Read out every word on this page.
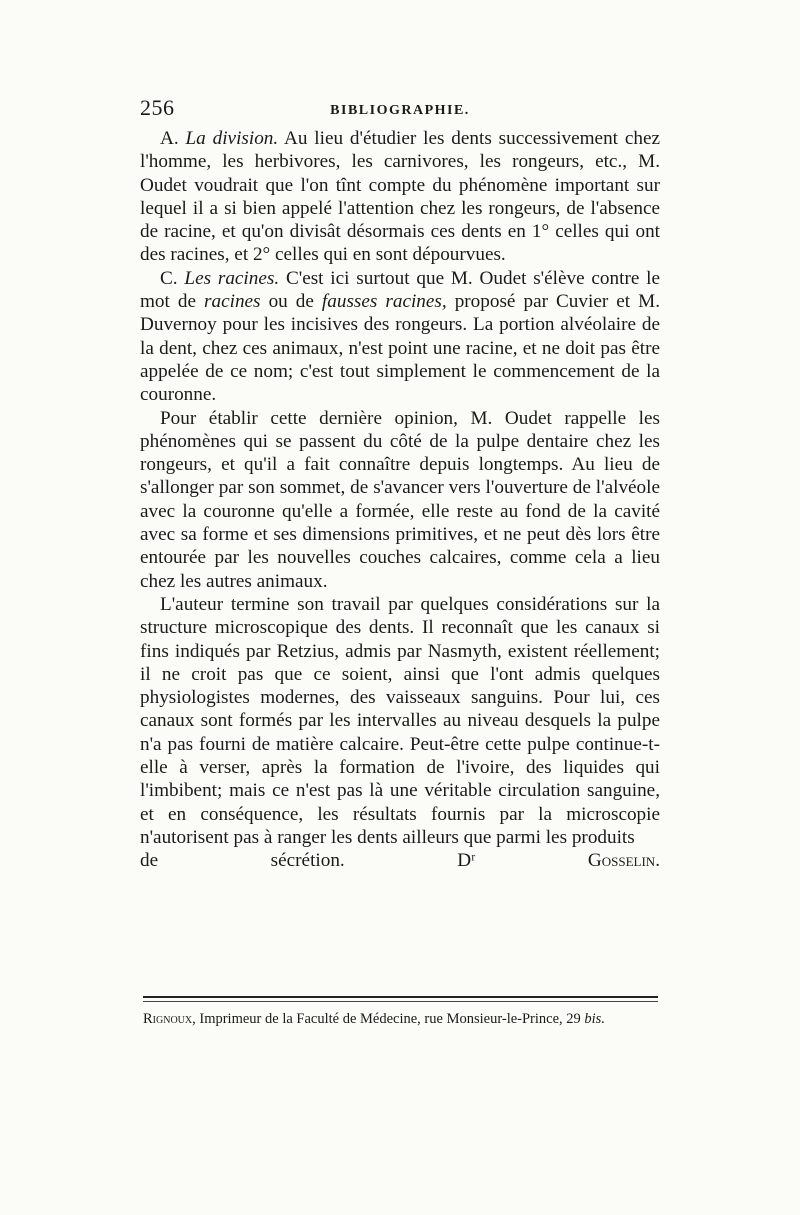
256	BIBLIOGRAPHIE.

A. La division. Au lieu d'étudier les dents successivement chez l'homme, les herbivores, les carnivores, les rongeurs, etc., M. Oudet voudrait que l'on tînt compte du phénomène important sur lequel il a si bien appelé l'attention chez les rongeurs, de l'absence de racine, et qu'on divisât désormais ces dents en 1° celles qui ont des racines, et 2° celles qui en sont dépourvues.

C. Les racines. C'est ici surtout que M. Oudet s'élève contre le mot de racines ou de fausses racines, proposé par Cuvier et M. Duvernoy pour les incisives des rongeurs. La portion alvéolaire de la dent, chez ces animaux, n'est point une racine, et ne doit pas être appelée de ce nom; c'est tout simplement le commencement de la couronne.

Pour établir cette dernière opinion, M. Oudet rappelle les phénomènes qui se passent du côté de la pulpe dentaire chez les rongeurs, et qu'il a fait connaître depuis longtemps. Au lieu de s'allonger par son sommet, de s'avancer vers l'ouverture de l'alvéole avec la couronne qu'elle a formée, elle reste au fond de la cavité avec sa forme et ses dimensions primitives, et ne peut dès lors être entourée par les nouvelles couches calcaires, comme cela a lieu chez les autres animaux.

L'auteur termine son travail par quelques considérations sur la structure microscopique des dents. Il reconnaît que les canaux si fins indiqués par Retzius, admis par Nasmyth, existent réellement; il ne croit pas que ce soient, ainsi que l'ont admis quelques physiologistes modernes, des vaisseaux sanguins. Pour lui, ces canaux sont formés par les intervalles au niveau desquels la pulpe n'a pas fourni de matière calcaire. Peut-être cette pulpe continue-t-elle à verser, après la formation de l'ivoire, des liquides qui l'imbibent; mais ce n'est pas là une véritable circulation sanguine, et en conséquence, les résultats fournis par la microscopie n'autorisent pas à ranger les dents ailleurs que parmi les produits

de sécrétion.	Dʳ Gosselin.

Rignoux, Imprimeur de la Faculté de Médecine, rue Monsieur-le-Prince, 29 bis.
